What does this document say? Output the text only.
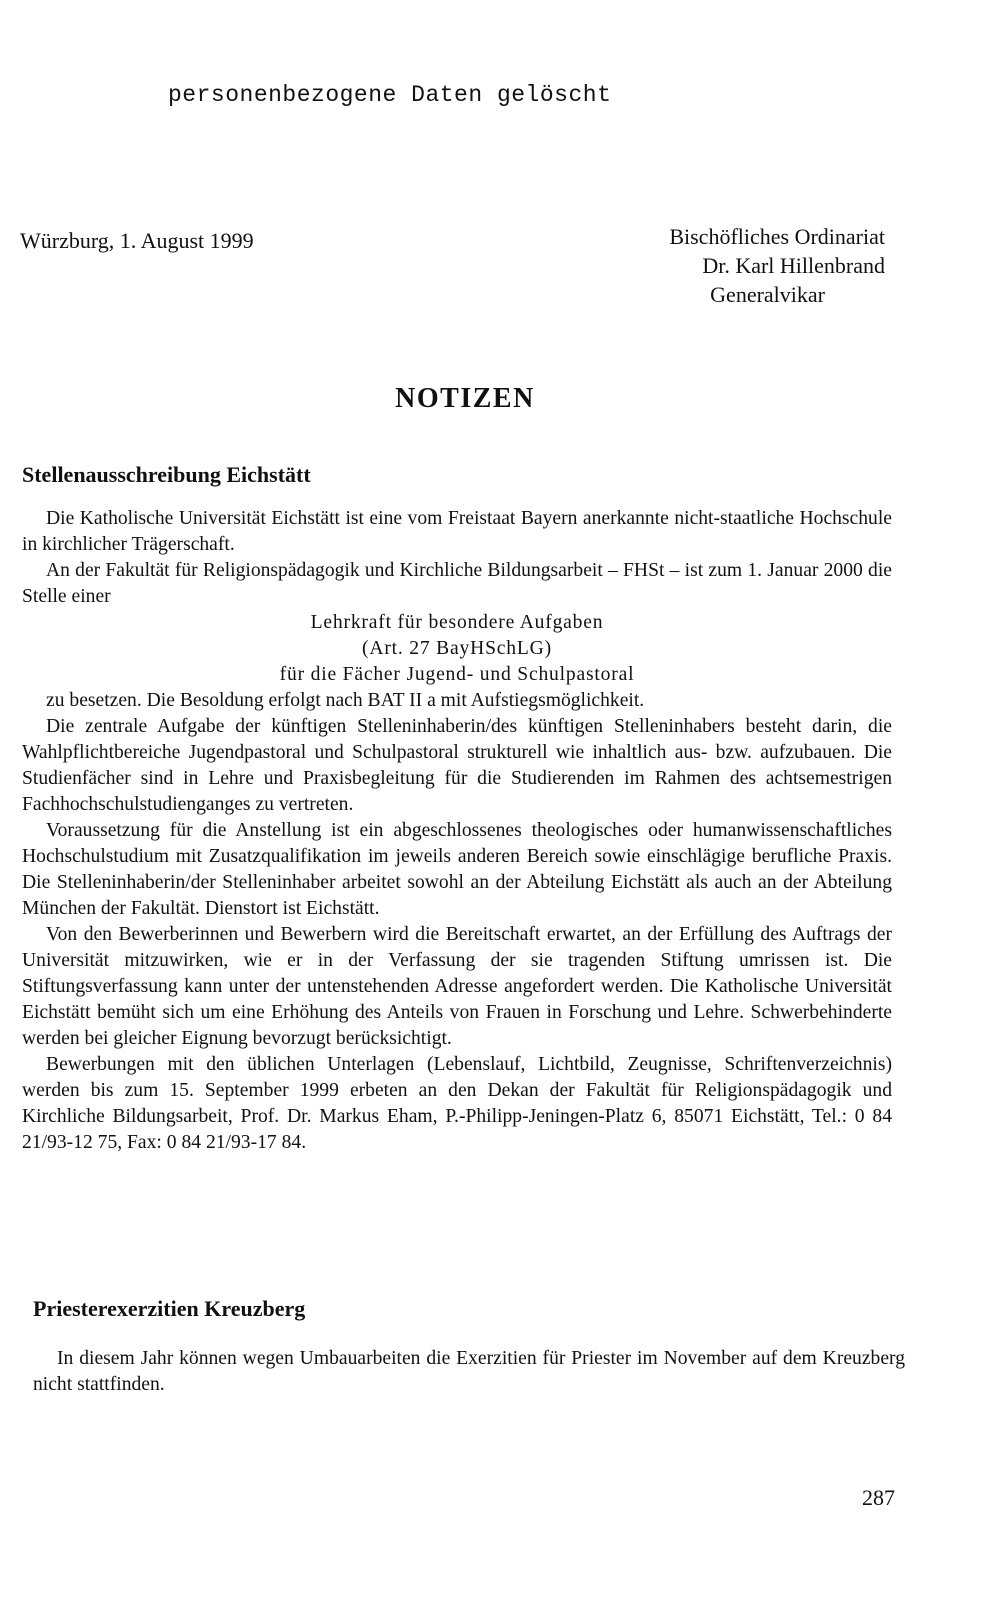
personenbezogene Daten gelöscht
Würzburg, 1. August 1999	Bischöfliches Ordinariat
Dr. Karl Hillenbrand
Generalvikar
NOTIZEN
Stellenausschreibung Eichstätt

Die Katholische Universität Eichstätt ist eine vom Freistaat Bayern anerkannte nicht-staatliche Hochschule in kirchlicher Trägerschaft.

An der Fakultät für Religionspädagogik und Kirchliche Bildungsarbeit – FHSt – ist zum 1. Januar 2000 die Stelle einer

Lehrkraft für besondere Aufgaben
(Art. 27 BayHSchLG)
für die Fächer Jugend- und Schulpastoral

zu besetzen. Die Besoldung erfolgt nach BAT II a mit Aufstiegsmöglichkeit.

Die zentrale Aufgabe der künftigen Stelleninhaberin/des künftigen Stelleninhabers besteht darin, die Wahlpflichtbereiche Jugendpastoral und Schulpastoral strukturell wie inhaltlich aus- bzw. aufzubauen. Die Studienfächer sind in Lehre und Praxisbegleitung für die Studierenden im Rahmen des achtsemestrigen Fachhochschulstudienganges zu vertreten.

Voraussetzung für die Anstellung ist ein abgeschlossenes theologisches oder humanwissenschaftliches Hochschulstudium mit Zusatzqualifikation im jeweils anderen Bereich sowie einschlägige berufliche Praxis. Die Stelleninhaberin/der Stelleninhaber arbeitet sowohl an der Abteilung Eichstätt als auch an der Abteilung München der Fakultät. Dienstort ist Eichstätt.

Von den Bewerberinnen und Bewerbern wird die Bereitschaft erwartet, an der Erfüllung des Auftrags der Universität mitzuwirken, wie er in der Verfassung der sie tragenden Stiftung umrissen ist. Die Stiftungsverfassung kann unter der untenstehenden Adresse angefordert werden. Die Katholische Universität Eichstätt bemüht sich um eine Erhöhung des Anteils von Frauen in Forschung und Lehre. Schwerbehinderte werden bei gleicher Eignung bevorzugt berücksichtigt.

Bewerbungen mit den üblichen Unterlagen (Lebenslauf, Lichtbild, Zeugnisse, Schriftenverzeichnis) werden bis zum 15. September 1999 erbeten an den Dekan der Fakultät für Religionspädagogik und Kirchliche Bildungsarbeit, Prof. Dr. Markus Eham, P.-Philipp-Jeningen-Platz 6, 85071 Eichstätt, Tel.: 0 84 21/93-12 75, Fax: 0 84 21/93-17 84.

Priesterexerzitien Kreuzberg

In diesem Jahr können wegen Umbauarbeiten die Exerzitien für Priester im November auf dem Kreuzberg nicht stattfinden.

287
